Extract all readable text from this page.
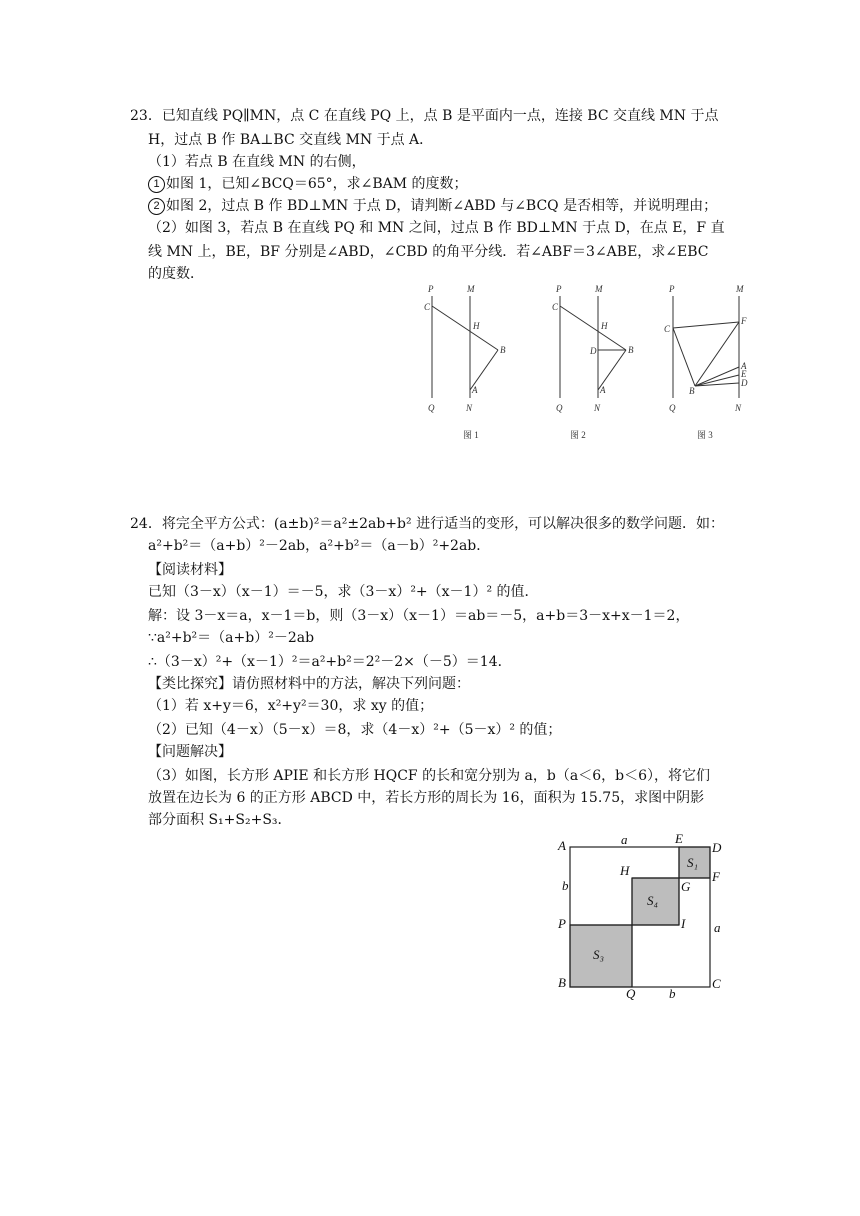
23．已知直线 PQ∥MN，点 C 在直线 PQ 上，点 B 是平面内一点，连接 BC 交直线 MN 于点
H，过点 B 作 BA⊥BC 交直线 MN 于点 A．
（1）若点 B 在直线 MN 的右侧，
1 如图 1，已知∠BCQ＝65°，求∠BAM 的度数；
2 如图 2，过点 B 作 BD⊥MN 于点 D，请判断∠ABD 与∠BCQ 是否相等，并说明理由；
（2）如图 3，若点 B 在直线 PQ 和 MN 之间，过点 B 作 BD⊥MN 于点 D，在点 E，F 直
线 MN 上，BE，BF 分别是∠ABD，∠CBD 的角平分线．若∠ABF＝3∠ABE，求∠EBC
的度数．
P	M
C
H
B
A
Q	N
P	M
C
H
D	B
A
Q	N
P	M
C
F
A
E
D
B
Q	N
图 1	图 2	图 3
24．将完全平方公式：(a±b)²＝a²±2ab+b² 进行适当的变形，可以解决很多的数学问题．如：
a²+b²＝（a+b）²－2ab，a²+b²＝（a－b）²+2ab．
【阅读材料】
已知（3－x）（x－1）＝－5，求（3－x）²+（x－1）² 的值．
解：设 3－x＝a，x－1＝b，则（3－x）（x－1）＝ab＝－5，a+b＝3－x+x－1＝2，
∵a²+b²＝（a+b）²－2ab
∴（3－x）²+（x－1）²＝a²+b²＝2²－2×（－5）＝14．
【类比探究】请仿照材料中的方法，解决下列问题：
（1）若 x+y＝6，x²+y²＝30，求 xy 的值；
（2）已知（4－x）（5－x）＝8，求（4－x）²+（5－x）² 的值；
【问题解决】
（3）如图，长方形 APIE 和长方形 HQCF 的长和宽分别为 a，b（a＜6，b＜6），将它们
放置在边长为 6 的正方形 ABCD 中，若长方形的周长为 16，面积为 15.75，求图中阴影
部分面积 S₁+S₂+S₃．
A	E
D
H
G
F
P	I
B
Q
C
a
a
b
b
S₁
S₄
S₃
